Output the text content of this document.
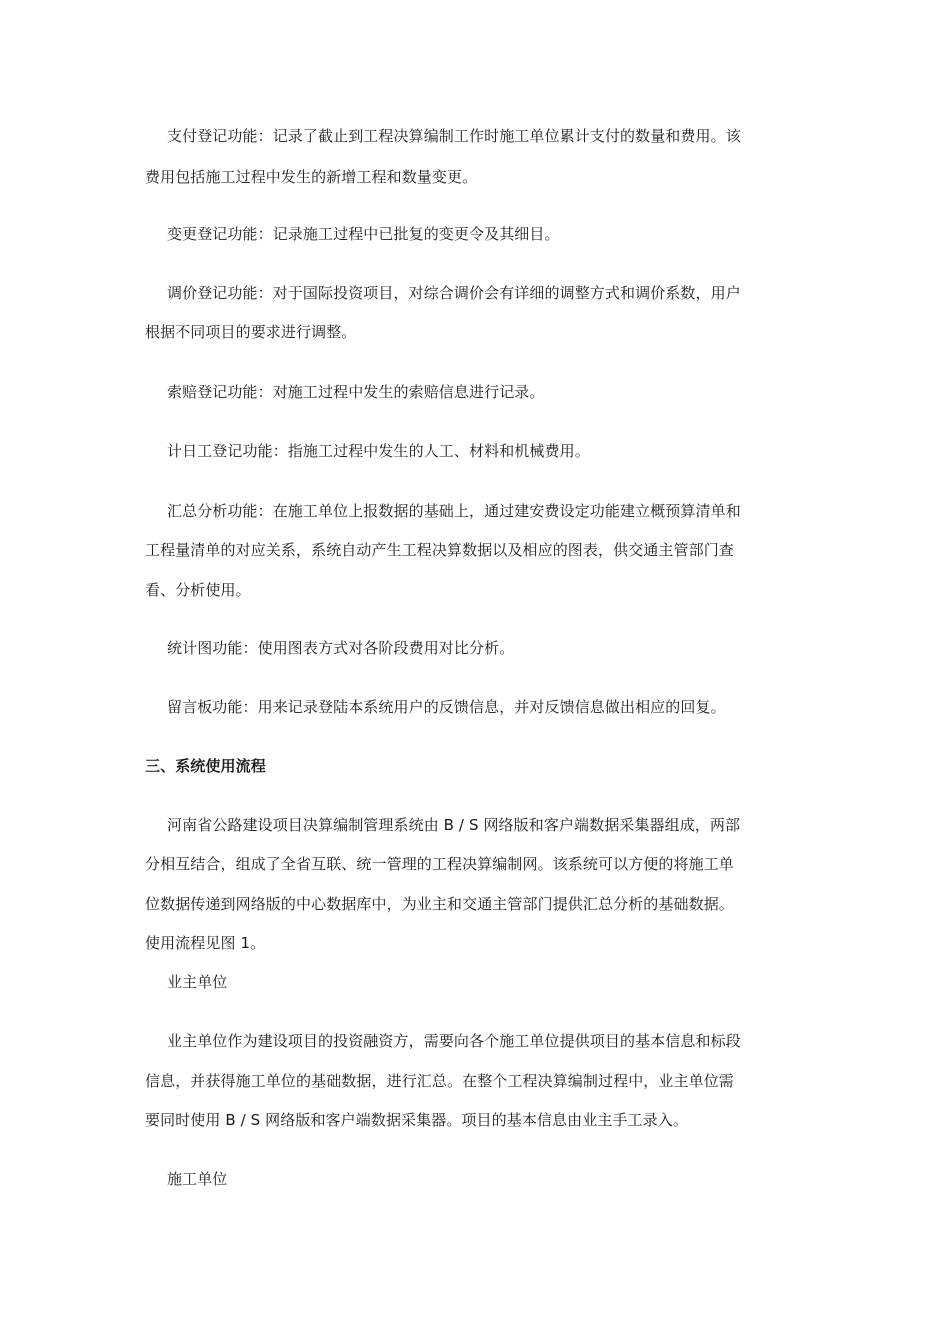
支付登记功能：记录了截止到工程决算编制工作时施工单位累计支付的数量和费用。该
费用包括施工过程中发生的新增工程和数量变更。
变更登记功能：记录施工过程中已批复的变更令及其细目。
调价登记功能：对于国际投资项目，对综合调价会有详细的调整方式和调价系数，用户
根据不同项目的要求进行调整。
索赔登记功能：对施工过程中发生的索赔信息进行记录。
计日工登记功能：指施工过程中发生的人工、材料和机械费用。
汇总分析功能：在施工单位上报数据的基础上，通过建安费设定功能建立概预算清单和
工程量清单的对应关系，系统自动产生工程决算数据以及相应的图表，供交通主管部门查
看、分析使用。
统计图功能：使用图表方式对各阶段费用对比分析。
留言板功能：用来记录登陆本系统用户的反馈信息，并对反馈信息做出相应的回复。
三、系统使用流程
河南省公路建设项目决算编制管理系统由 B / S 网络版和客户端数据采集器组成，两部
分相互结合，组成了全省互联、统一管理的工程决算编制网。该系统可以方便的将施工单
位数据传递到网络版的中心数据库中，为业主和交通主管部门提供汇总分析的基础数据。
使用流程见图 1。
业主单位
业主单位作为建设项目的投资融资方，需要向各个施工单位提供项目的基本信息和标段
信息，并获得施工单位的基础数据，进行汇总。在整个工程决算编制过程中，业主单位需
要同时使用 B / S 网络版和客户端数据采集器。项目的基本信息由业主手工录入。
施工单位
